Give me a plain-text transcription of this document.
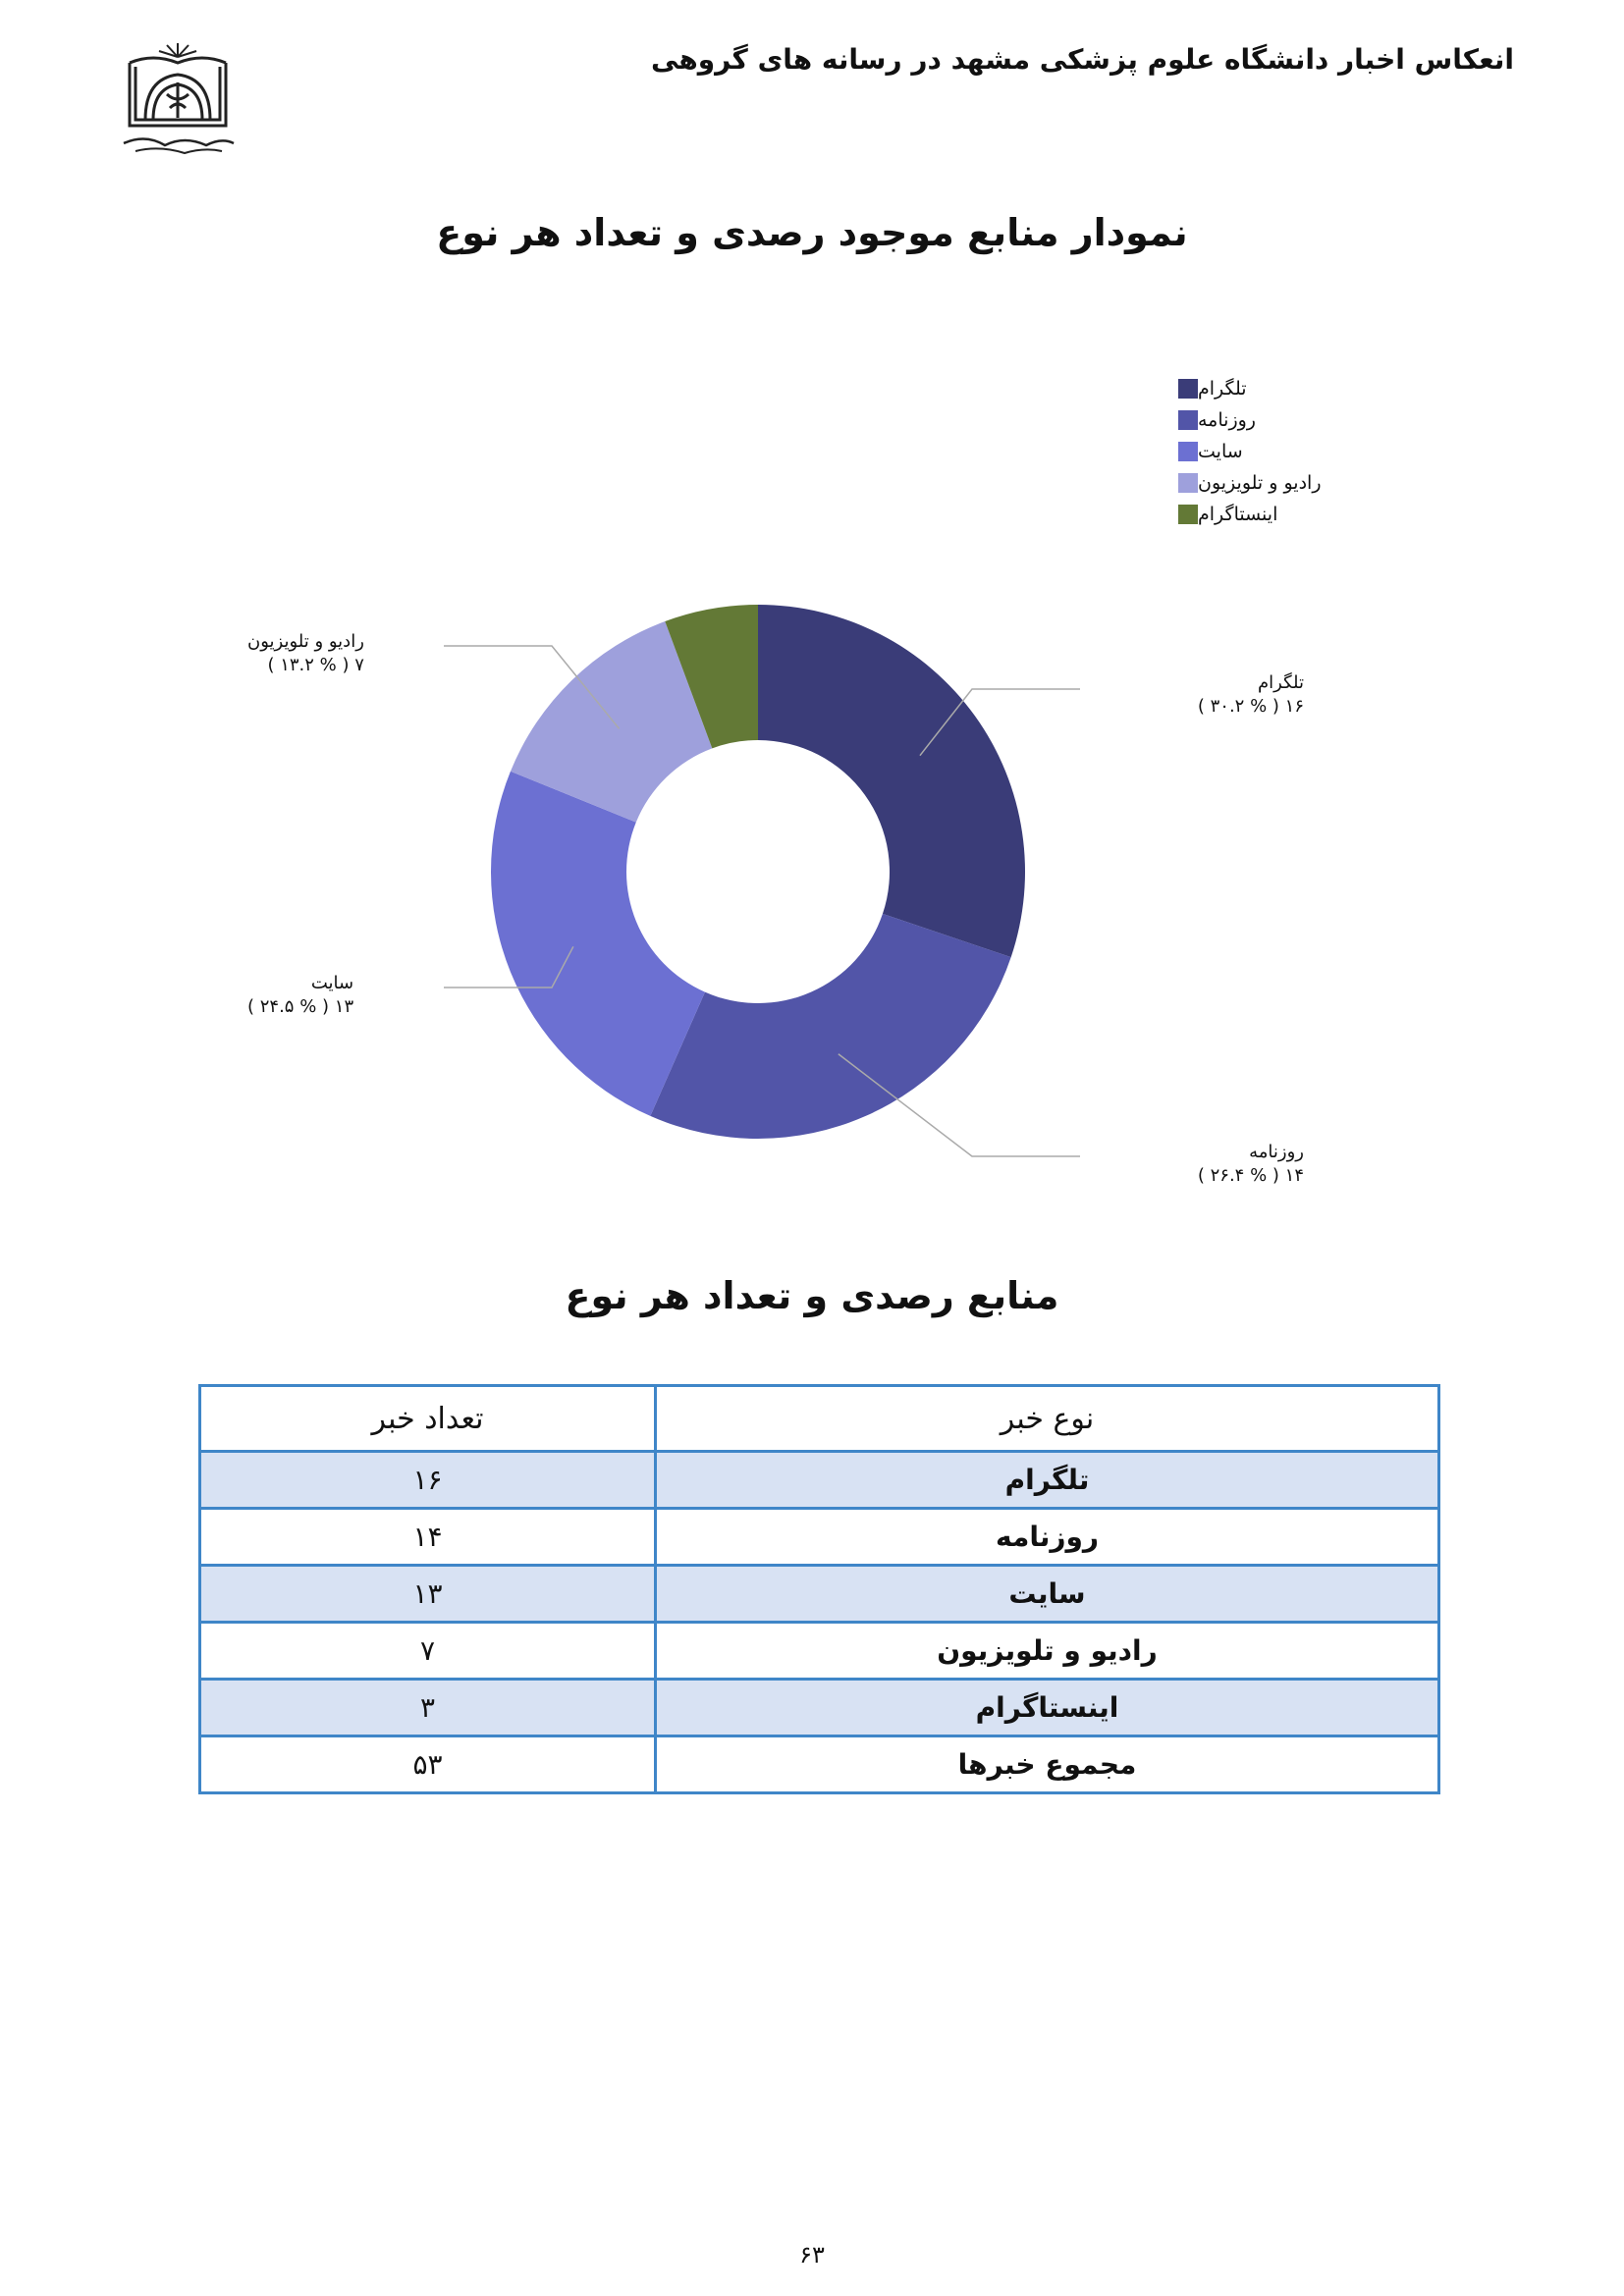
انعکاس اخبار دانشگاه علوم پزشکی مشهد در رسانه های گروهی
نمودار منابع موجود رصدی و تعداد هر نوع
تلگرام
روزنامه
سایت
رادیو و تلویزیون
اینستاگرام
تلگرام
۱۶ ( % ۳۰.۲ )
روزنامه
۱۴ ( % ۲۶.۴ )
سایت
۱۳ ( % ۲۴.۵ )
رادیو و تلویزیون
۷ ( % ۱۳.۲ )
منابع رصدی و تعداد هر نوع
نوع خبر	تعداد خبر
تلگرام	۱۶
روزنامه	۱۴
سایت	۱۳
رادیو و تلویزیون	۷
اینستاگرام	۳
مجموع خبرها	۵۳
۶۳
